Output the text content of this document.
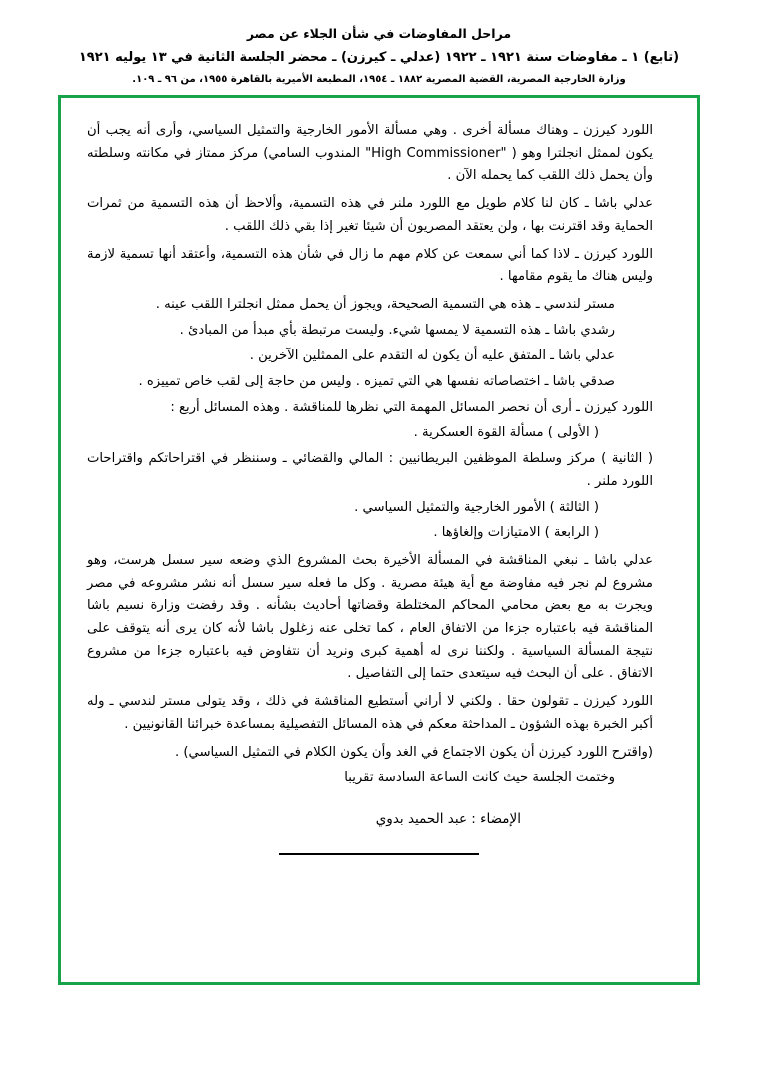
مراحل المفاوضات في شأن الجلاء عن مصر
(تابع) ١ ـ مفاوضات سنة ١٩٢١ ـ ١٩٢٢ (عدلي ـ كيرزن) ـ محضر الجلسة الثانية في ١٣ يوليه ١٩٢١
وزارة الخارجية المصرية، القضية المصرية ١٨٨٢ ـ ١٩٥٤، المطبعة الأميرية بالقاهرة ١٩٥٥، من ٩٦ ـ ١٠٩.

اللورد كيرزن ـ وهناك مسألة أخرى . وهي مسألة الأمور الخارجية والتمثيل السياسي، وأرى أنه يجب أن يكون لممثل انجلترا وهو ( "High Commissioner" المندوب السامي) مركز ممتاز في مكانته وسلطته وأن يحمل ذلك اللقب كما يحمله الآن .

عدلي باشا ـ كان لنا كلام طويل مع اللورد ملنر في هذه التسمية، وألاحظ أن هذه التسمية من ثمرات الحماية وقد اقترنت بها ، ولن يعتقد المصريون أن شيئا تغير إذا بقي ذلك اللقب .

اللورد كيرزن ـ لاذا كما أني سمعت عن كلام مهم ما زال في شأن هذه التسمية، وأعتقد أنها تسمية لازمة وليس هناك ما يقوم مقامها .

مستر لندسي ـ هذه هي التسمية الصحيحة، ويجوز أن يحمل ممثل انجلترا اللقب عينه .

رشدي باشا ـ هذه التسمية لا يمسها شيء. وليست مرتبطة بأي مبدأ من المبادئ .

عدلي باشا ـ المتفق عليه أن يكون له التقدم على الممثلين الآخرين .

صدقي باشا ـ اختصاصاته نفسها هي التي تميزه . وليس من حاجة إلى لقب خاص تمييزه .

اللورد كيرزن ـ أرى أن نحصر المسائل المهمة التي نظرها للمناقشة . وهذه المسائل أربع :

( الأولى ) مسألة القوة العسكرية .

( الثانية ) مركز وسلطة الموظفين البريطانيين : المالي والقضائي ـ وسننظر في اقتراحاتكم واقتراحات اللورد ملنر .

( الثالثة ) الأمور الخارجية والتمثيل السياسي .

( الرابعة ) الامتيازات وإلغاؤها .

عدلي باشا ـ نبغي المناقشة في المسألة الأخيرة بحث المشروع الذي وضعه سير سسل هرست، وهو مشروع لم نجر فيه مفاوضة مع أية هيئة مصرية . وكل ما فعله سير سسل أنه نشر مشروعه في مصر ويجرت به مع بعض محامي المحاكم المختلطة وقضاتها أحاديث بشأنه . وقد رفضت وزارة نسيم باشا المناقشة فيه باعتباره جزءا من الاتفاق العام ، كما تخلى عنه زغلول باشا لأنه كان يرى أنه يتوقف على نتيجة المسألة السياسية . ولكننا نرى له أهمية كبرى ونريد أن نتفاوض فيه باعتباره جزءا من مشروع الاتفاق . على أن البحث فيه سيتعدى حتما إلى التفاصيل .

اللورد كيرزن ـ تقولون حقا . ولكني لا أراني أستطيع المناقشة في ذلك ، وقد يتولى مستر لندسي ـ وله أكبر الخبرة بهذه الشؤون ـ المداحثة معكم في هذه المسائل التفصيلية بمساعدة خبرائنا القانونيين .

(واقترح اللورد كيرزن أن يكون الاجتماع في الغد وأن يكون الكلام في التمثيل السياسي) .

وختمت الجلسة حيث كانت الساعة السادسة تقريبا

الإمضاء : عبد الحميد بدوي
